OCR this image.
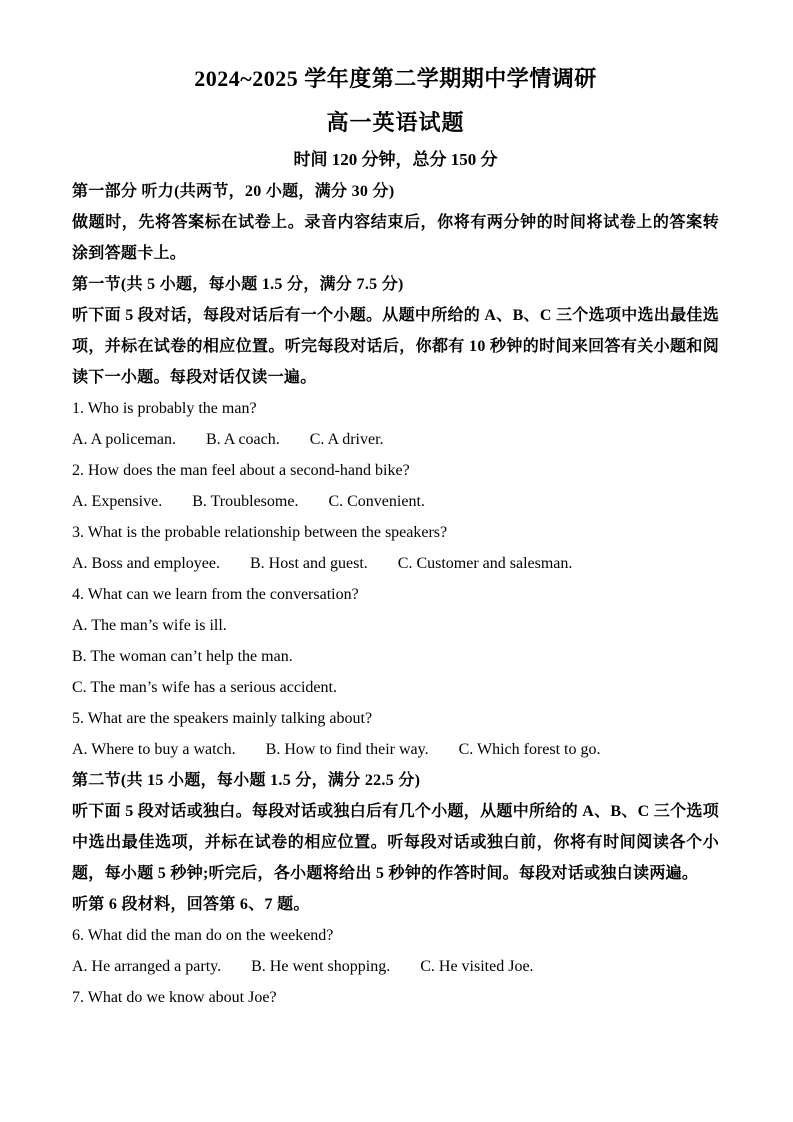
2024~2025 学年度第二学期期中学情调研
高一英语试题
时间 120 分钟，总分 150 分

第一部分 听力(共两节，20 小题，满分 30 分)

做题时，先将答案标在试卷上。录音内容结束后，你将有两分钟的时间将试卷上的答案转涂到答题卡上。

第一节(共 5 小题，每小题 1.5 分，满分 7.5 分)

听下面 5 段对话，每段对话后有一个小题。从题中所给的 A、B、C 三个选项中选出最佳选项，并标在试卷的相应位置。听完每段对话后，你都有 10 秒钟的时间来回答有关小题和阅读下一小题。每段对话仅读一遍。

1. Who is probably the man?

A. A policeman. B. A coach. C. A driver.

2. How does the man feel about a second-hand bike?

A. Expensive. B. Troublesome. C. Convenient.

3. What is the probable relationship between the speakers?

A. Boss and employee. B. Host and guest. C. Customer and salesman.

4. What can we learn from the conversation?

A. The man’s wife is ill.

B. The woman can’t help the man.

C. The man’s wife has a serious accident.

5. What are the speakers mainly talking about?

A. Where to buy a watch. B. How to find their way. C. Which forest to go.

第二节(共 15 小题，每小题 1.5 分，满分 22.5 分)

听下面 5 段对话或独白。每段对话或独白后有几个小题，从题中所给的 A、B、C 三个选项中选出最佳选项，并标在试卷的相应位置。听每段对话或独白前，你将有时间阅读各个小题，每小题 5 秒钟;听完后，各小题将给出 5 秒钟的作答时间。每段对话或独白读两遍。

听第 6 段材料，回答第 6、7 题。

6. What did the man do on the weekend?

A. He arranged a party. B. He went shopping. C. He visited Joe.

7. What do we know about Joe?
